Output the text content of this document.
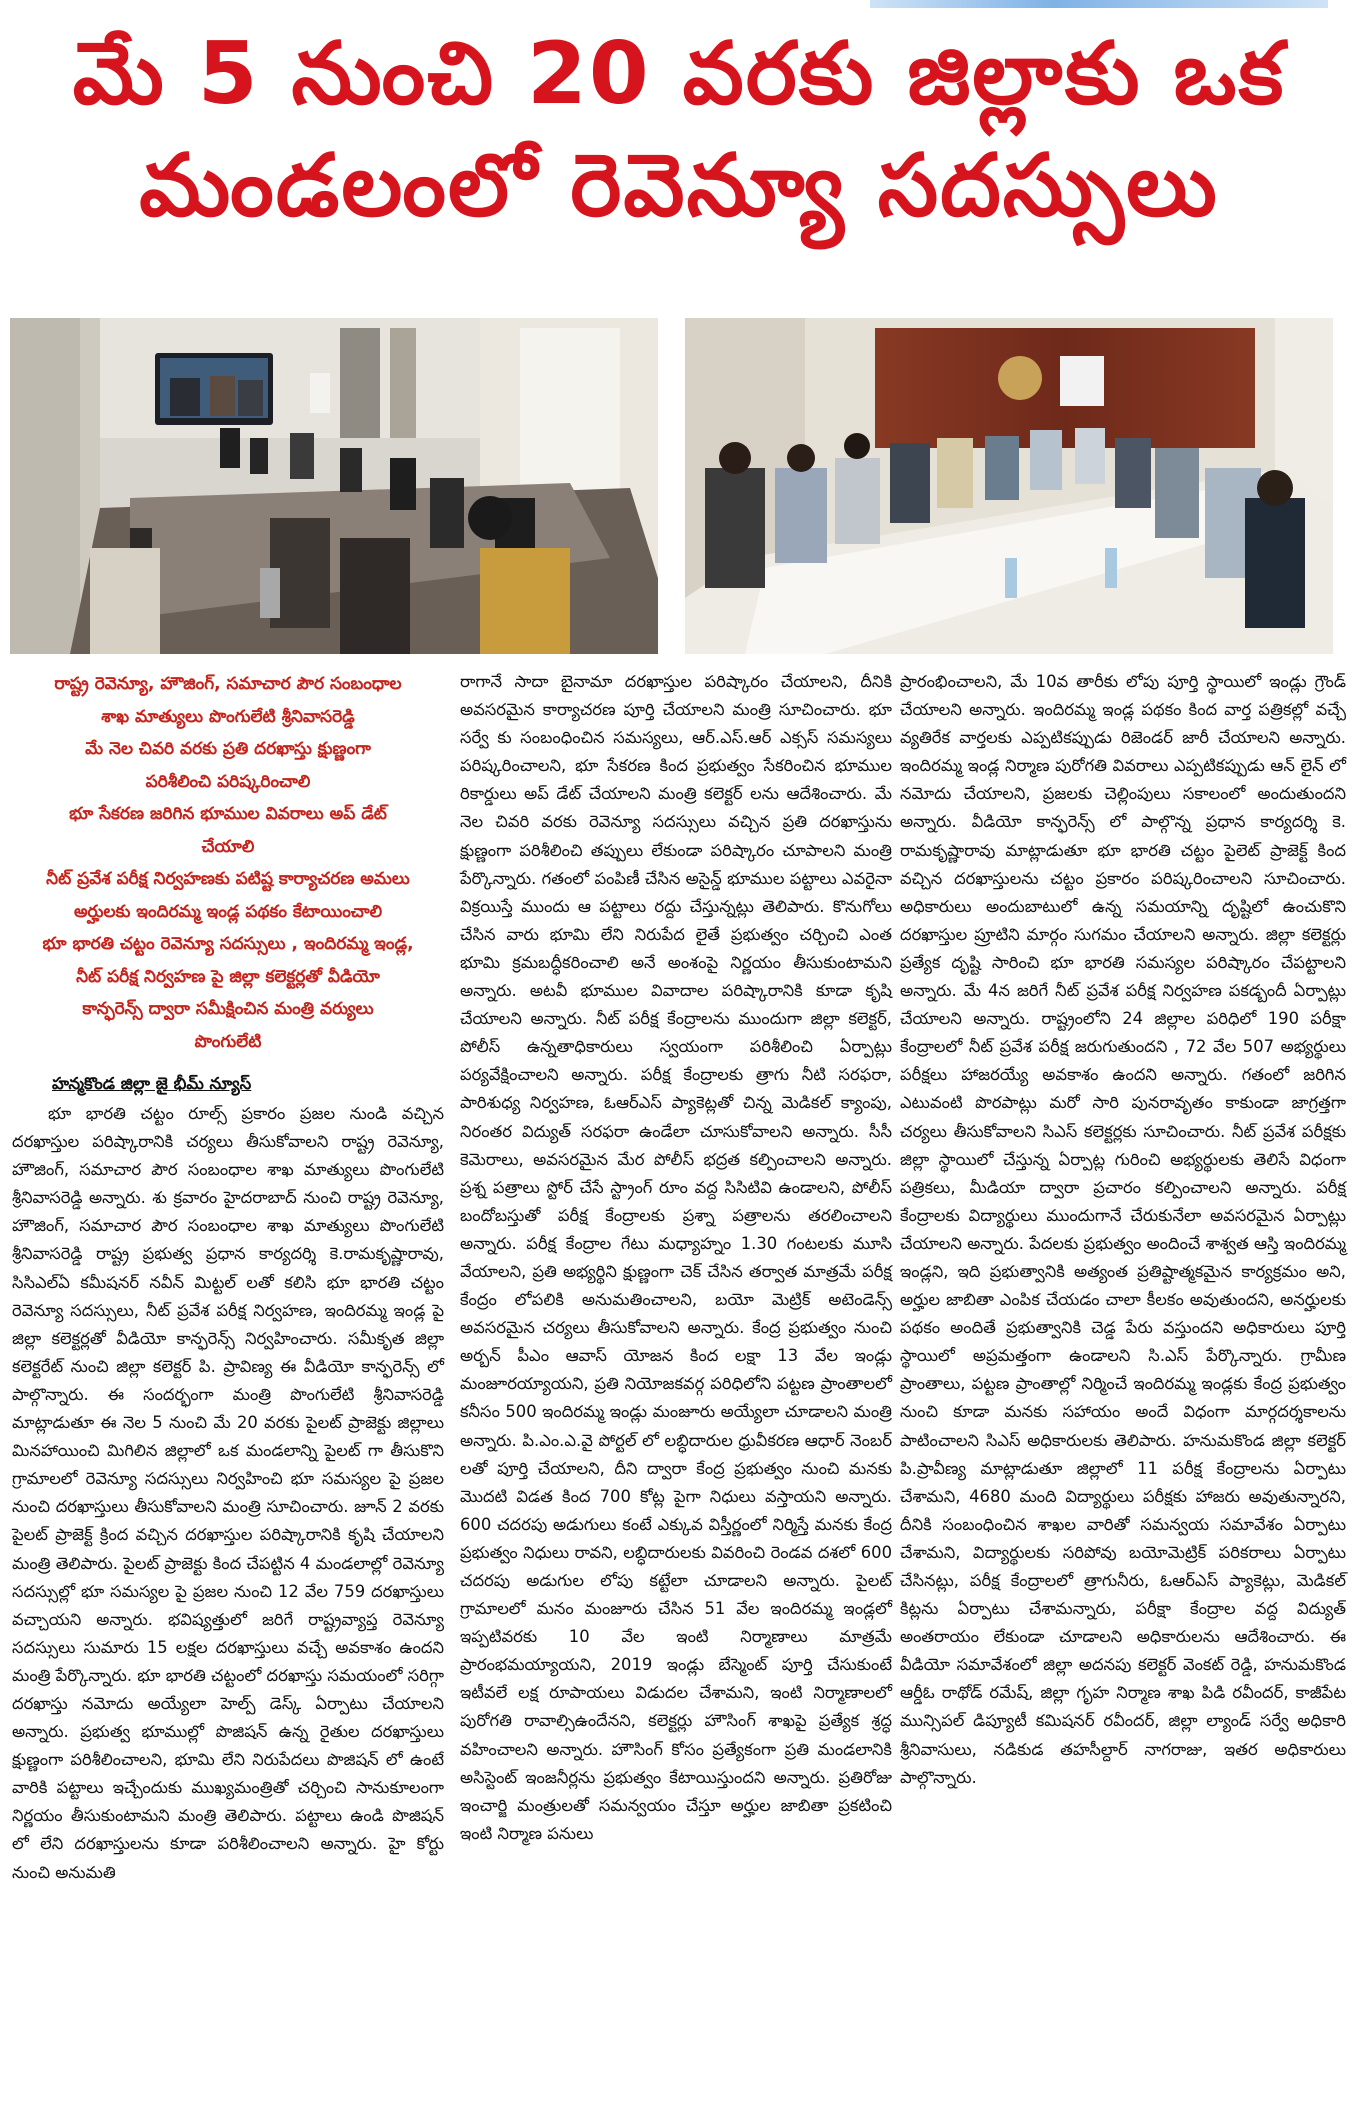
మే 5 నుంచి 20 వరకు జిల్లాకు ఒక
మండలంలో రెవెన్యూ సదస్సులు

రాష్ట్ర రెవెన్యూ, హౌజింగ్, సమాచార పౌర సంబంధాల

శాఖ మాత్యులు పొంగులేటి శ్రీనివాసరెడ్డి

మే నెల చివరి వరకు ప్రతి దరఖాస్తు క్షుణ్ణంగా

పరిశీలించి పరిష్కరించాలి

భూ సేకరణ జరిగిన భూముల వివరాలు అప్ డేట్

చేయాలి

నీట్ ప్రవేశ పరీక్ష నిర్వహణకు పటిష్ట కార్యాచరణ అమలు

అర్హులకు ఇందిరమ్మ ఇండ్ల పథకం కేటాయించాలి

భూ భారతి చట్టం రెవెన్యూ సదస్సులు , ఇందిరమ్మ ఇండ్ల,

నీట్ పరీక్ష నిర్వహణ పై జిల్లా కలెక్టర్లతో వీడియో

కాన్ఫరెన్స్ ద్వారా సమీక్షించిన మంత్రి వర్యులు

పొంగులేటి

హన్మకొండ జిల్లా జై భీమ్ న్యూస్

భూ భారతి చట్టం రూల్స్ ప్రకారం ప్రజల నుండి వచ్చిన దరఖాస్తుల పరిష్కారానికి చర్యలు తీసుకోవాలని రాష్ట్ర రెవెన్యూ, హౌజింగ్, సమాచార పౌర సంబంధాల శాఖ మాత్యులు పొంగులేటి శ్రీనివాసరెడ్డి అన్నారు. శు క్రవారం హైదరాబాద్ నుంచి రాష్ట్ర రెవెన్యూ, హౌజింగ్, సమాచార పౌర సంబంధాల శాఖ మాత్యులు పొంగులేటి శ్రీనివాసరెడ్డి రాష్ట్ర ప్రభుత్వ ప్రధాన కార్యదర్శి కె.రామకృష్ణారావు, సిసిఎల్ఏ కమీషనర్ నవీన్ మిట్టల్ లతో కలిసి భూ భారతి చట్టం రెవెన్యూ సదస్సులు, నీట్ ప్రవేశ పరీక్ష నిర్వహణ, ఇందిరమ్మ ఇండ్ల పై జిల్లా కలెక్టర్లతో వీడియో కాన్ఫరెన్స్ నిర్వహించారు. సమీకృత జిల్లా కలెక్టరేట్ నుంచి జిల్లా కలెక్టర్ పి. ప్రావిణ్య ఈ వీడియో కాన్ఫరెన్స్ లో పాల్గొన్నారు. ఈ సందర్భంగా మంత్రి పొంగులేటి శ్రీనివాసరెడ్డి మాట్లాడుతూ ఈ నెల 5 నుంచి మే 20 వరకు పైలట్ ప్రాజెక్టు జిల్లాలు మినహాయించి మిగిలిన జిల్లాలో ఒక మండలాన్ని పైలట్ గా తీసుకొని గ్రామాలలో రెవెన్యూ సదస్సులు నిర్వహించి భూ సమస్యల పై ప్రజల నుంచి దరఖాస్తులు తీసుకోవాలని మంత్రి సూచించారు. జూన్ 2 వరకు పైలట్ ప్రాజెక్ట్ క్రింద వచ్చిన దరఖాస్తుల పరిష్కారానికి కృషి చేయాలని మంత్రి తెలిపారు. పైలట్ ప్రాజెక్టు కింద చేపట్టిన 4 మండలాల్లో రెవెన్యూ సదస్సుల్లో భూ సమస్యల పై ప్రజల నుంచి 12 వేల 759 దరఖాస్తులు వచ్చాయని అన్నారు. భవిష్యత్తులో జరిగే రాష్ట్రవ్యాప్త రెవెన్యూ సదస్సులు సుమారు 15 లక్షల దరఖాస్తులు వచ్చే అవకాశం ఉందని మంత్రి పేర్కొన్నారు. భూ భారతి చట్టంలో దరఖాస్తు సమయంలో సరిగ్గా దరఖాస్తు నమోదు అయ్యేలా హెల్ప్ డెస్క్ ఏర్పాటు చేయాలని అన్నారు. ప్రభుత్వ భూముల్లో పొజిషన్ ఉన్న రైతుల దరఖాస్తులు క్షుణ్ణంగా పరిశీలించాలని, భూమి లేని నిరుపేదలు పొజిషన్ లో ఉంటే వారికి పట్టాలు ఇచ్చేందుకు ముఖ్యమంత్రితో చర్చించి సానుకూలంగా నిర్ణయం తీసుకుంటామని మంత్రి తెలిపారు. పట్టాలు ఉండి పొజిషన్ లో లేని దరఖాస్తులను కూడా పరిశీలించాలని అన్నారు. హై కోర్టు నుంచి అనుమతి

రాగానే సాదా బైనామా దరఖాస్తుల పరిష్కారం చేయాలని, దీనికి అవసరమైన కార్యాచరణ పూర్తి చేయాలని మంత్రి సూచించారు. భూ సర్వే కు సంబంధించిన సమస్యలు, ఆర్.ఎస్.ఆర్ ఎక్సస్ సమస్యలు పరిష్కరించాలని, భూ సేకరణ కింద ప్రభుత్వం సేకరించిన భూముల రికార్డులు అప్ డేట్ చేయాలని మంత్రి కలెక్టర్ లను ఆదేశించారు. మే నెల చివరి వరకు రెవెన్యూ సదస్సులు వచ్చిన ప్రతి దరఖాస్తును క్షుణ్ణంగా పరిశీలించి తప్పులు లేకుండా పరిష్కారం చూపాలని మంత్రి పేర్కొన్నారు. గతంలో పంపిణీ చేసిన అసైన్డ్ భూముల పట్టాలు ఎవరైనా విక్రయిస్తే ముందు ఆ పట్టాలు రద్దు చేస్తున్నట్లు తెలిపారు. కొనుగోలు చేసిన వారు భూమి లేని నిరుపేద లైతే ప్రభుత్వం చర్చించి ఎంత భూమి క్రమబద్ధీకరించాలి అనే అంశంపై నిర్ణయం తీసుకుంటామని అన్నారు. అటవీ భూముల వివాదాల పరిష్కారానికి కూడా కృషి చేయాలని అన్నారు. నీట్ పరీక్ష కేంద్రాలను ముందుగా జిల్లా కలెక్టర్, పోలీస్ ఉన్నతాధికారులు స్వయంగా పరిశీలించి ఏర్పాట్లు పర్యవేక్షించాలని అన్నారు. పరీక్ష కేంద్రాలకు త్రాగు నీటి సరఫరా, పారిశుధ్య నిర్వహణ, ఓఆర్ఎస్ ప్యాకెట్లతో చిన్న మెడికల్ క్యాంపు, నిరంతర విద్యుత్ సరఫరా ఉండేలా చూసుకోవాలని అన్నారు. సీసీ కెమెరాలు, అవసరమైన మేర పోలీస్ భద్రత కల్పించాలని అన్నారు. ప్రశ్న పత్రాలు స్టోర్ చేసే స్ట్రాంగ్ రూం వద్ద సిసిటివి ఉండాలని, పోలీస్ బందోబస్తుతో పరీక్ష కేంద్రాలకు ప్రశ్నా పత్రాలను తరలించాలని అన్నారు. పరీక్ష కేంద్రాల గేటు మధ్యాహ్నం 1.30 గంటలకు మూసి వేయాలని, ప్రతి అభ్యర్థిని క్షుణ్ణంగా చెక్ చేసిన తర్వాత మాత్రమే పరీక్ష కేంద్రం లోపలికి అనుమతించాలని, బయో మెట్రిక్ అటెండెన్స్ అవసరమైన చర్యలు తీసుకోవాలని అన్నారు. కేంద్ర ప్రభుత్వం నుంచి అర్బన్ పీఎం ఆవాస్ యోజన కింద లక్షా 13 వేల ఇండ్లు మంజూరయ్యాయని, ప్రతి నియోజకవర్గ పరిధిలోని పట్టణ ప్రాంతాలలో కనీసం 500 ఇందిరమ్మ ఇండ్లు మంజూరు అయ్యేలా చూడాలని మంత్రి అన్నారు. పి.ఎం.ఎ.వై పోర్టల్ లో లబ్ధిదారుల ధ్రువీకరణ ఆధార్ నెంబర్ లతో పూర్తి చేయాలని, దీని ద్వారా కేంద్ర ప్రభుత్వం నుంచి మనకు మొదటి విడత కింద 700 కోట్ల పైగా నిధులు వస్తాయని అన్నారు. 600 చదరపు అడుగులు కంటే ఎక్కువ విస్తీర్ణంలో నిర్మిస్తే మనకు కేంద్ర ప్రభుత్వం నిధులు రావని, లబ్ధిదారులకు వివరించి రెండవ దశలో 600 చదరపు అడుగుల లోపు కట్టేలా చూడాలని అన్నారు. పైలట్ గ్రామాలలో మనం మంజూరు చేసిన 51 వేల ఇందిరమ్మ ఇండ్లలో ఇప్పటివరకు 10 వేల ఇంటి నిర్మాణాలు మాత్రమే ప్రారంభమయ్యాయని, 2019 ఇండ్లు బేస్మెంట్ పూర్తి చేసుకుంటే ఇటీవలే లక్ష రూపాయలు విడుదల చేశామని, ఇంటి నిర్మాణాలలో పురోగతి రావాల్సిఉందేనని, కలెక్టర్లు హౌసింగ్ శాఖపై ప్రత్యేక శ్రద్ధ వహించాలని అన్నారు. హౌసింగ్ కోసం ప్రత్యేకంగా ప్రతి మండలానికి అసిస్టెంట్ ఇంజనీర్లను ప్రభుత్వం కేటాయిస్తుందని అన్నారు. ప్రతిరోజు ఇంచార్జి మంత్రులతో సమన్వయం చేస్తూ అర్హుల జాబితా ప్రకటించి ఇంటి నిర్మాణ పనులు

ప్రారంభించాలని, మే 10వ తారీకు లోపు పూర్తి స్థాయిలో ఇండ్లు గ్రౌండ్ చేయాలని అన్నారు. ఇందిరమ్మ ఇండ్ల పథకం కింద వార్త పత్రికల్లో వచ్చే వ్యతిరేక వార్తలకు ఎప్పటికప్పుడు రిజెండర్ జారీ చేయాలని అన్నారు. ఇందిరమ్మ ఇండ్ల నిర్మాణ పురోగతి వివరాలు ఎప్పటికప్పుడు ఆన్ లైన్ లో నమోదు చేయాలని, ప్రజలకు చెల్లింపులు సకాలంలో అందుతుందని అన్నారు. వీడియో కాన్ఫరెన్స్ లో పాల్గొన్న ప్రధాన కార్యదర్శి కె. రామకృష్ణారావు మాట్లాడుతూ భూ భారతి చట్టం పైలెట్ ప్రాజెక్ట్ కింద వచ్చిన దరఖాస్తులను చట్టం ప్రకారం పరిష్కరించాలని సూచించారు. అధికారులు అందుబాటులో ఉన్న సమయాన్ని దృష్టిలో ఉంచుకొని దరఖాస్తుల ప్రూటిని మార్గం సుగమం చేయాలని అన్నారు. జిల్లా కలెక్టర్లు ప్రత్యేక దృష్టి సారించి భూ భారతి సమస్యల పరిష్కారం చేపట్టాలని అన్నారు. మే 4న జరిగే నీట్ ప్రవేశ పరీక్ష నిర్వహణ పకడ్బందీ ఏర్పాట్లు చేయాలని అన్నారు. రాష్ట్రంలోని 24 జిల్లాల పరిధిలో 190 పరీక్షా కేంద్రాలలో నీట్ ప్రవేశ పరీక్ష జరుగుతుందని , 72 వేల 507 అభ్యర్థులు పరీక్షలు హాజరయ్యే అవకాశం ఉందని అన్నారు. గతంలో జరిగిన ఎటువంటి పొరపాట్లు మరో సారి పునరావృతం కాకుండా జాగ్రత్తగా చర్యలు తీసుకోవాలని సిఎస్ కలెక్టర్లకు సూచించారు. నీట్ ప్రవేశ పరీక్షకు జిల్లా స్థాయిలో చేస్తున్న ఏర్పాట్ల గురించి అభ్యర్థులకు తెలిసే విధంగా పత్రికలు, మీడియా ద్వారా ప్రచారం కల్పించాలని అన్నారు. పరీక్ష కేంద్రాలకు విద్యార్థులు ముందుగానే చేరుకునేలా అవసరమైన ఏర్పాట్లు చేయాలని అన్నారు. పేదలకు ప్రభుత్వం అందించే శాశ్వత ఆస్తి ఇందిరమ్మ ఇండ్లని, ఇది ప్రభుత్వానికి అత్యంత ప్రతిష్టాత్మకమైన కార్యక్రమం అని, అర్హుల జాబితా ఎంపిక చేయడం చాలా కీలకం అవుతుందని, అనర్హులకు పథకం అందితే ప్రభుత్వానికి చెడ్డ పేరు వస్తుందని అధికారులు పూర్తి స్థాయిలో అప్రమత్తంగా ఉండాలని సి.ఎస్ పేర్కొన్నారు. గ్రామీణ ప్రాంతాలు, పట్టణ ప్రాంతాల్లో నిర్మించే ఇందిరమ్మ ఇండ్లకు కేంద్ర ప్రభుత్వం నుంచి కూడా మనకు సహాయం అందే విధంగా మార్గదర్శకాలను పాటించాలని సిఎస్ అధికారులకు తెలిపారు. హనుమకొండ జిల్లా కలెక్టర్ పి.ప్రావీణ్య మాట్లాడుతూ జిల్లాలో 11 పరీక్ష కేంద్రాలను ఏర్పాటు చేశామని, 4680 మంది విద్యార్థులు పరీక్షకు హాజరు అవుతున్నారని, దీనికి సంబంధించిన శాఖల వారితో సమన్వయ సమావేశం ఏర్పాటు చేశామని, విద్యార్థులకు సరిపోవు బయోమెట్రిక్ పరికరాలు ఏర్పాటు చేసినట్లు, పరీక్ష కేంద్రాలలో త్రాగునీరు, ఓఆర్ఎస్ ప్యాకెట్లు, మెడికల్ కిట్లను ఏర్పాటు చేశామన్నారు, పరీక్షా కేంద్రాల వద్ద విద్యుత్ అంతరాయం లేకుండా చూడాలని అధికారులను ఆదేశించారు. ఈ వీడియో సమావేశంలో జిల్లా అదనపు కలెక్టర్ వెంకట్ రెడ్డి, హనుమకొండ ఆర్డీఓ రాథోడ్ రమేష్, జిల్లా గృహ నిర్మాణ శాఖ పిడి రవీందర్, కాజీపేట మున్సిపల్ డిప్యూటీ కమిషనర్ రవీందర్, జిల్లా ల్యాండ్ సర్వే అధికారి శ్రీనివాసులు, నడికుడ తహసీల్దార్ నాగరాజు, ఇతర అధికారులు పాల్గొన్నారు.
